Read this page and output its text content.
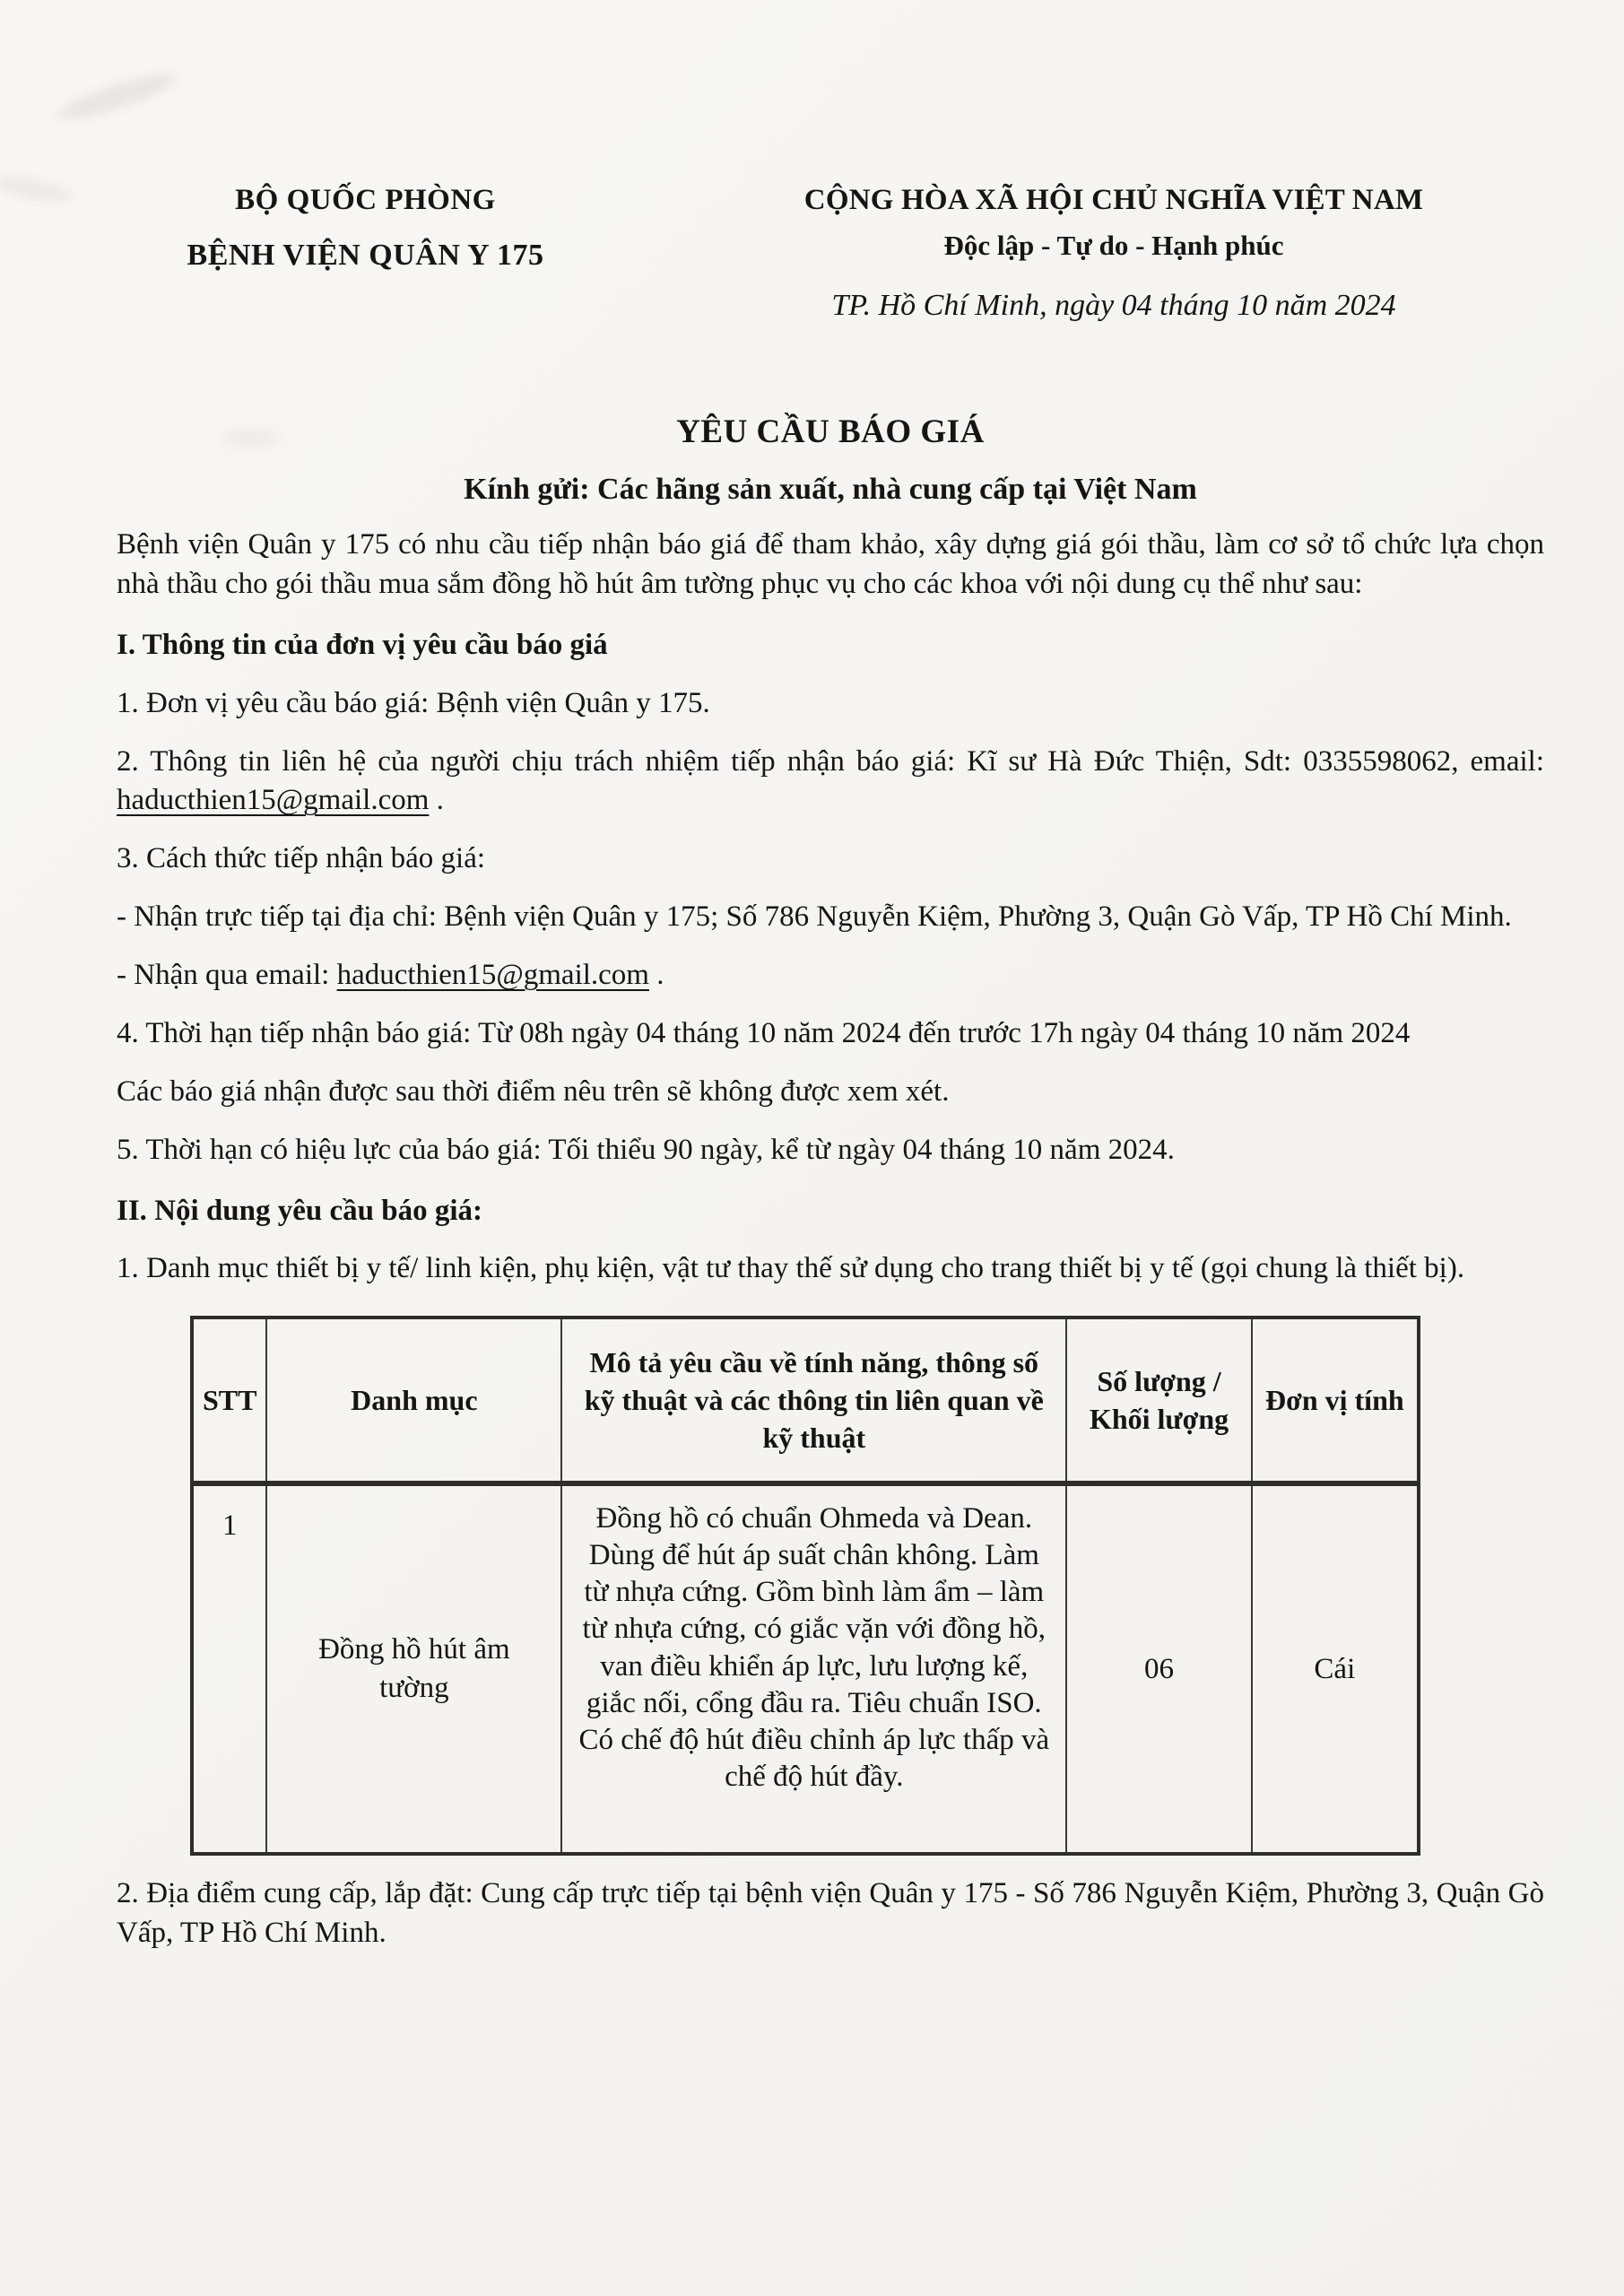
BỘ QUỐC PHÒNG
BỆNH VIỆN QUÂN Y 175
CỘNG HÒA XÃ HỘI CHỦ NGHĨA VIỆT NAM
Độc lập - Tự do - Hạnh phúc
TP. Hồ Chí Minh, ngày 04 tháng 10 năm 2024
YÊU CẦU BÁO GIÁ
Kính gửi: Các hãng sản xuất, nhà cung cấp tại Việt Nam

Bệnh viện Quân y 175 có nhu cầu tiếp nhận báo giá để tham khảo, xây dựng giá gói thầu, làm cơ sở tổ chức lựa chọn nhà thầu cho gói thầu mua sắm đồng hồ hút âm tường phục vụ cho các khoa với nội dung cụ thể như sau:

I. Thông tin của đơn vị yêu cầu báo giá

1. Đơn vị yêu cầu báo giá: Bệnh viện Quân y 175.

2. Thông tin liên hệ của người chịu trách nhiệm tiếp nhận báo giá: Kĩ sư Hà Đức Thiện, Sdt: 0335598062, email: haducthien15@gmail.com .

3. Cách thức tiếp nhận báo giá:

- Nhận trực tiếp tại địa chỉ: Bệnh viện Quân y 175; Số 786 Nguyễn Kiệm, Phường 3, Quận Gò Vấp, TP Hồ Chí Minh.

- Nhận qua email: haducthien15@gmail.com .

4. Thời hạn tiếp nhận báo giá: Từ 08h ngày 04 tháng 10 năm 2024 đến trước 17h ngày 04 tháng 10 năm 2024

Các báo giá nhận được sau thời điểm nêu trên sẽ không được xem xét.

5. Thời hạn có hiệu lực của báo giá: Tối thiểu 90 ngày, kể từ ngày 04 tháng 10 năm 2024.

II. Nội dung yêu cầu báo giá:

1. Danh mục thiết bị y tế/ linh kiện, phụ kiện, vật tư thay thế sử dụng cho trang thiết bị y tế (gọi chung là thiết bị).

STT	Danh mục	Mô tả yêu cầu về tính năng, thông số kỹ thuật và các thông tin liên quan về kỹ thuật	Số lượng / Khối lượng	Đơn vị tính
1	Đồng hồ hút âm tường	Đồng hồ có chuẩn Ohmeda và Dean. Dùng để hút áp suất chân không. Làm từ nhựa cứng. Gồm bình làm ẩm – làm từ nhựa cứng, có giắc vặn với đồng hồ, van điều khiển áp lực, lưu lượng kế, giắc nối, cổng đầu ra. Tiêu chuẩn ISO. Có chế độ hút điều chỉnh áp lực thấp và chế độ hút đầy.	06	Cái

2. Địa điểm cung cấp, lắp đặt: Cung cấp trực tiếp tại bệnh viện Quân y 175 - Số 786 Nguyễn Kiệm, Phường 3, Quận Gò Vấp, TP Hồ Chí Minh.
